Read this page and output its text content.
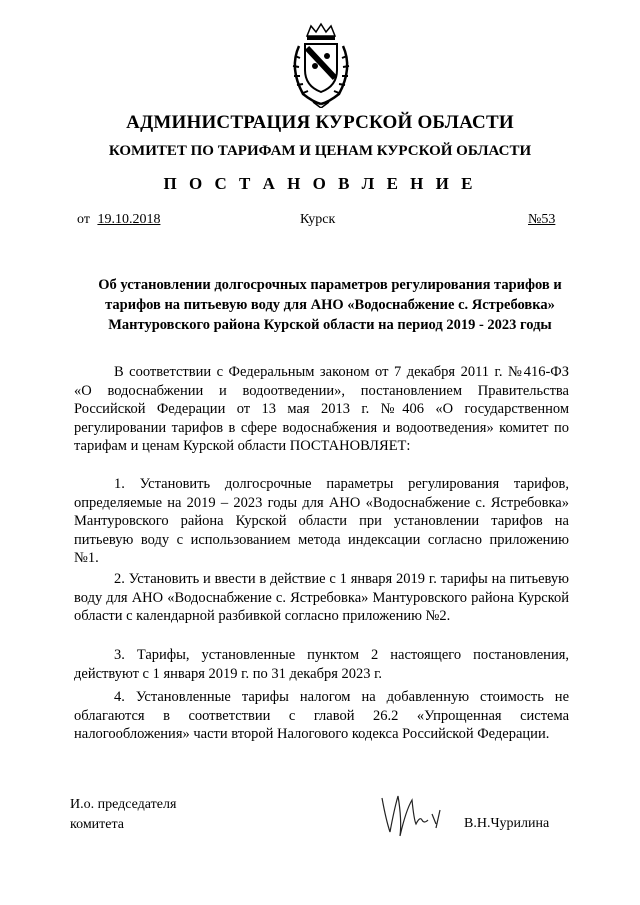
АДМИНИСТРАЦИЯ КУРСКОЙ ОБЛАСТИ
КОМИТЕТ ПО ТАРИФАМ И ЦЕНАМ КУРСКОЙ ОБЛАСТИ
П О С Т А Н О В Л Е Н И Е
от 19.10.2018	Курск	№53
Об установлении долгосрочных параметров регулирования тарифов и тарифов на питьевую воду для АНО «Водоснабжение с. Ястребовка» Мантуровского района Курской области на период 2019 - 2023 годы
В соответствии с Федеральным законом от 7 декабря 2011 г. №416-ФЗ «О водоснабжении и водоотведении», постановлением Правительства Российской Федерации от 13 мая 2013 г. №406 «О государственном регулировании тарифов в сфере водоснабжения и водоотведения» комитет по тарифам и ценам Курской области ПОСТАНОВЛЯЕТ:
1. Установить долгосрочные параметры регулирования тарифов, определяемые на 2019 – 2023 годы для АНО «Водоснабжение с. Ястребовка» Мантуровского района Курской области при установлении тарифов на питьевую воду с использованием метода индексации согласно приложению №1.
2. Установить и ввести в действие с 1 января 2019 г. тарифы на питьевую воду для АНО «Водоснабжение с. Ястребовка» Мантуровского района Курской области с календарной разбивкой согласно приложению №2.
3. Тарифы, установленные пунктом 2 настоящего постановления, действуют с 1 января 2019 г. по 31 декабря 2023 г.
4. Установленные тарифы налогом на добавленную стоимость не облагаются в соответствии с главой 26.2 «Упрощенная система налогообложения» части второй Налогового кодекса Российской Федерации.
И.о. председателя
комитета	В.Н.Чурилина
